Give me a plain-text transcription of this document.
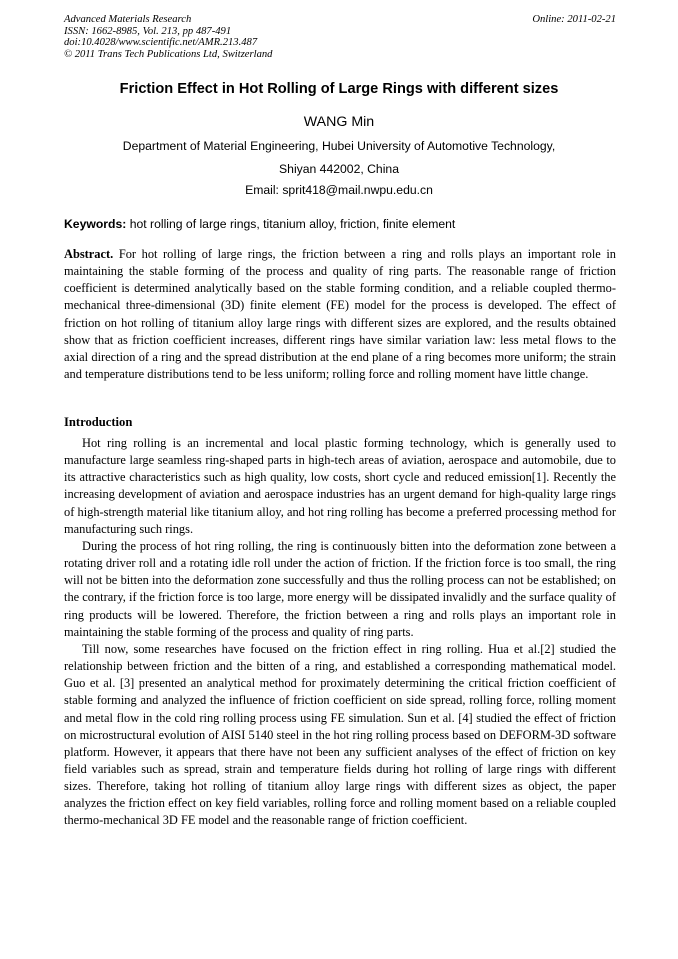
Advanced Materials Research
ISSN: 1662-8985, Vol. 213, pp 487-491
doi:10.4028/www.scientific.net/AMR.213.487
© 2011 Trans Tech Publications Ltd, Switzerland
Online: 2011-02-21
Friction Effect in Hot Rolling of Large Rings with different sizes
WANG Min
Department of Material Engineering, Hubei University of Automotive Technology,
Shiyan 442002, China
Email: sprit418@mail.nwpu.edu.cn
Keywords: hot rolling of large rings, titanium alloy, friction, finite element

Abstract. For hot rolling of large rings, the friction between a ring and rolls plays an important role in maintaining the stable forming of the process and quality of ring parts. The reasonable range of friction coefficient is determined analytically based on the stable forming condition, and a reliable coupled thermo-mechanical three-dimensional (3D) finite element (FE) model for the process is developed. The effect of friction on hot rolling of titanium alloy large rings with different sizes are explored, and the results obtained show that as friction coefficient increases, different rings have similar variation law: less metal flows to the axial direction of a ring and the spread distribution at the end plane of a ring becomes more uniform; the strain and temperature distributions tend to be less uniform; rolling force and rolling moment have little change.

Introduction

Hot ring rolling is an incremental and local plastic forming technology, which is generally used to manufacture large seamless ring-shaped parts in high-tech areas of aviation, aerospace and automobile, due to its attractive characteristics such as high quality, low costs, short cycle and reduced emission[1]. Recently the increasing development of aviation and aerospace industries has an urgent demand for high-quality large rings of high-strength material like titanium alloy, and hot ring rolling has become a preferred processing method for manufacturing such rings.

During the process of hot ring rolling, the ring is continuously bitten into the deformation zone between a rotating driver roll and a rotating idle roll under the action of friction. If the friction force is too small, the ring will not be bitten into the deformation zone successfully and thus the rolling process can not be established; on the contrary, if the friction force is too large, more energy will be dissipated invalidly and the surface quality of ring products will be lowered. Therefore, the friction between a ring and rolls plays an important role in maintaining the stable forming of the process and quality of ring parts.

Till now, some researches have focused on the friction effect in ring rolling. Hua et al.[2] studied the relationship between friction and the bitten of a ring, and established a corresponding mathematical model. Guo et al. [3] presented an analytical method for proximately determining the critical friction coefficient of stable forming and analyzed the influence of friction coefficient on side spread, rolling force, rolling moment and metal flow in the cold ring rolling process using FE simulation. Sun et al. [4] studied the effect of friction on microstructural evolution of AISI 5140 steel in the hot ring rolling process based on DEFORM-3D software platform. However, it appears that there have not been any sufficient analyses of the effect of friction on key field variables such as spread, strain and temperature fields during hot rolling of large rings with different sizes. Therefore, taking hot rolling of titanium alloy large rings with different sizes as object, the paper analyzes the friction effect on key field variables, rolling force and rolling moment based on a reliable coupled thermo-mechanical 3D FE model and the reasonable range of friction coefficient.
